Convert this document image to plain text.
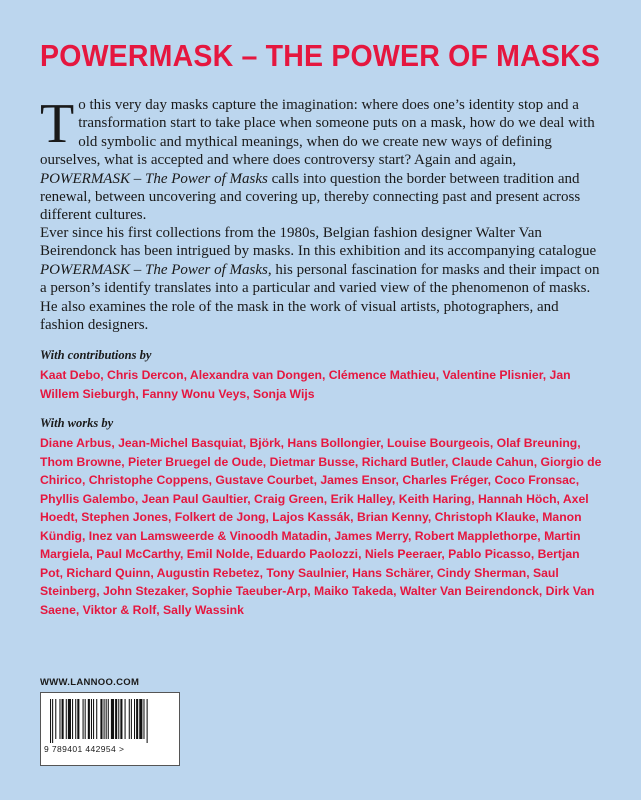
POWERMASK – THE POWER OF MASKS
To this very day masks capture the imagination: where does one’s identity stop and a transformation start to take place when someone puts on a mask, how do we deal with old symbolic and mythical meanings, when do we create new ways of defining ourselves, what is accepted and where does controversy start? Again and again, POWERMASK – The Power of Masks calls into question the border between tradition and renewal, between uncovering and covering up, thereby connecting past and present across different cultures.
Ever since his first collections from the 1980s, Belgian fashion designer Walter Van Beirendonck has been intrigued by masks. In this exhibition and its accompanying catalogue POWERMASK – The Power of Masks, his personal fascination for masks and their impact on a person’s identify translates into a particular and varied view of the phenomenon of masks. He also examines the role of the mask in the work of visual artists, photographers, and fashion designers.
With contributions by
Kaat Debo, Chris Dercon, Alexandra van Dongen, Clémence Mathieu, Valentine Plisnier, Jan Willem Sieburgh, Fanny Wonu Veys, Sonja Wijs
With works by
Diane Arbus, Jean-Michel Basquiat, Björk, Hans Bollongier, Louise Bourgeois, Olaf Breuning, Thom Browne, Pieter Bruegel de Oude, Dietmar Busse, Richard Butler, Claude Cahun, Giorgio de Chirico, Christophe Coppens, Gustave Courbet, James Ensor, Charles Fréger, Coco Fronsac, Phyllis Galembo, Jean Paul Gaultier, Craig Green, Erik Halley, Keith Haring, Hannah Höch, Axel Hoedt, Stephen Jones, Folkert de Jong, Lajos Kassák, Brian Kenny, Christoph Klauke, Manon Kündig, Inez van Lamsweerde & Vinoodh Matadin, James Merry, Robert Mapplethorpe, Martin Margiela, Paul McCarthy, Emil Nolde, Eduardo Paolozzi, Niels Peeraer, Pablo Picasso, Bertjan Pot, Richard Quinn, Augustin Rebetez, Tony Saulnier, Hans Schärer, Cindy Sherman, Saul Steinberg, John Stezaker, Sophie Taeuber-Arp, Maiko Takeda, Walter Van Beirendonck, Dirk Van Saene, Viktor & Rolf, Sally Wassink
WWW.LANNOO.COM
9 789401 442954 >
